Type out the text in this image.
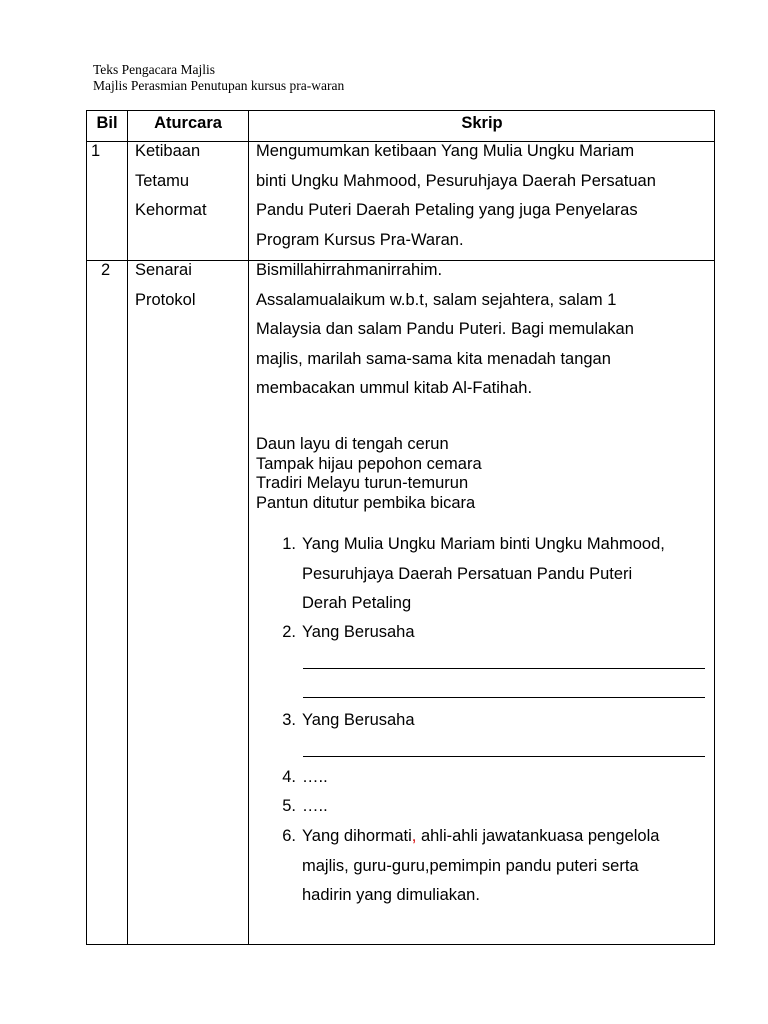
Teks Pengacara Majlis
Majlis Perasmian Penutupan kursus pra-waran
Bil	Aturcara	Skrip
1 Ketibaan
Tetamu
Kehormat
Mengumumkan ketibaan Yang Mulia Ungku Mariam
binti Ungku Mahmood, Pesuruhjaya Daerah Persatuan
Pandu Puteri Daerah Petaling yang juga Penyelaras
Program Kursus Pra-Waran.
2 Senarai
Protokol
Bismillahirrahmanirrahim.
Assalamualaikum w.b.t, salam sejahtera, salam 1
Malaysia dan salam Pandu Puteri. Bagi memulakan
majlis, marilah sama-sama kita menadah tangan
membacakan ummul kitab Al-Fatihah.
Daun layu di tengah cerun
Tampak hijau pepohon cemara
Tradiri Melayu turun-temurun
Pantun ditutur pembika bicara
1. Yang Mulia Ungku Mariam binti Ungku Mahmood,
Pesuruhjaya Daerah Persatuan Pandu Puteri
Derah Petaling
2. Yang Berusaha
3. Yang Berusaha
4. …..
5. …..
6. Yang dihormati, ahli-ahli jawatankuasa pengelola
majlis, guru-guru,pemimpin pandu puteri serta
hadirin yang dimuliakan.
